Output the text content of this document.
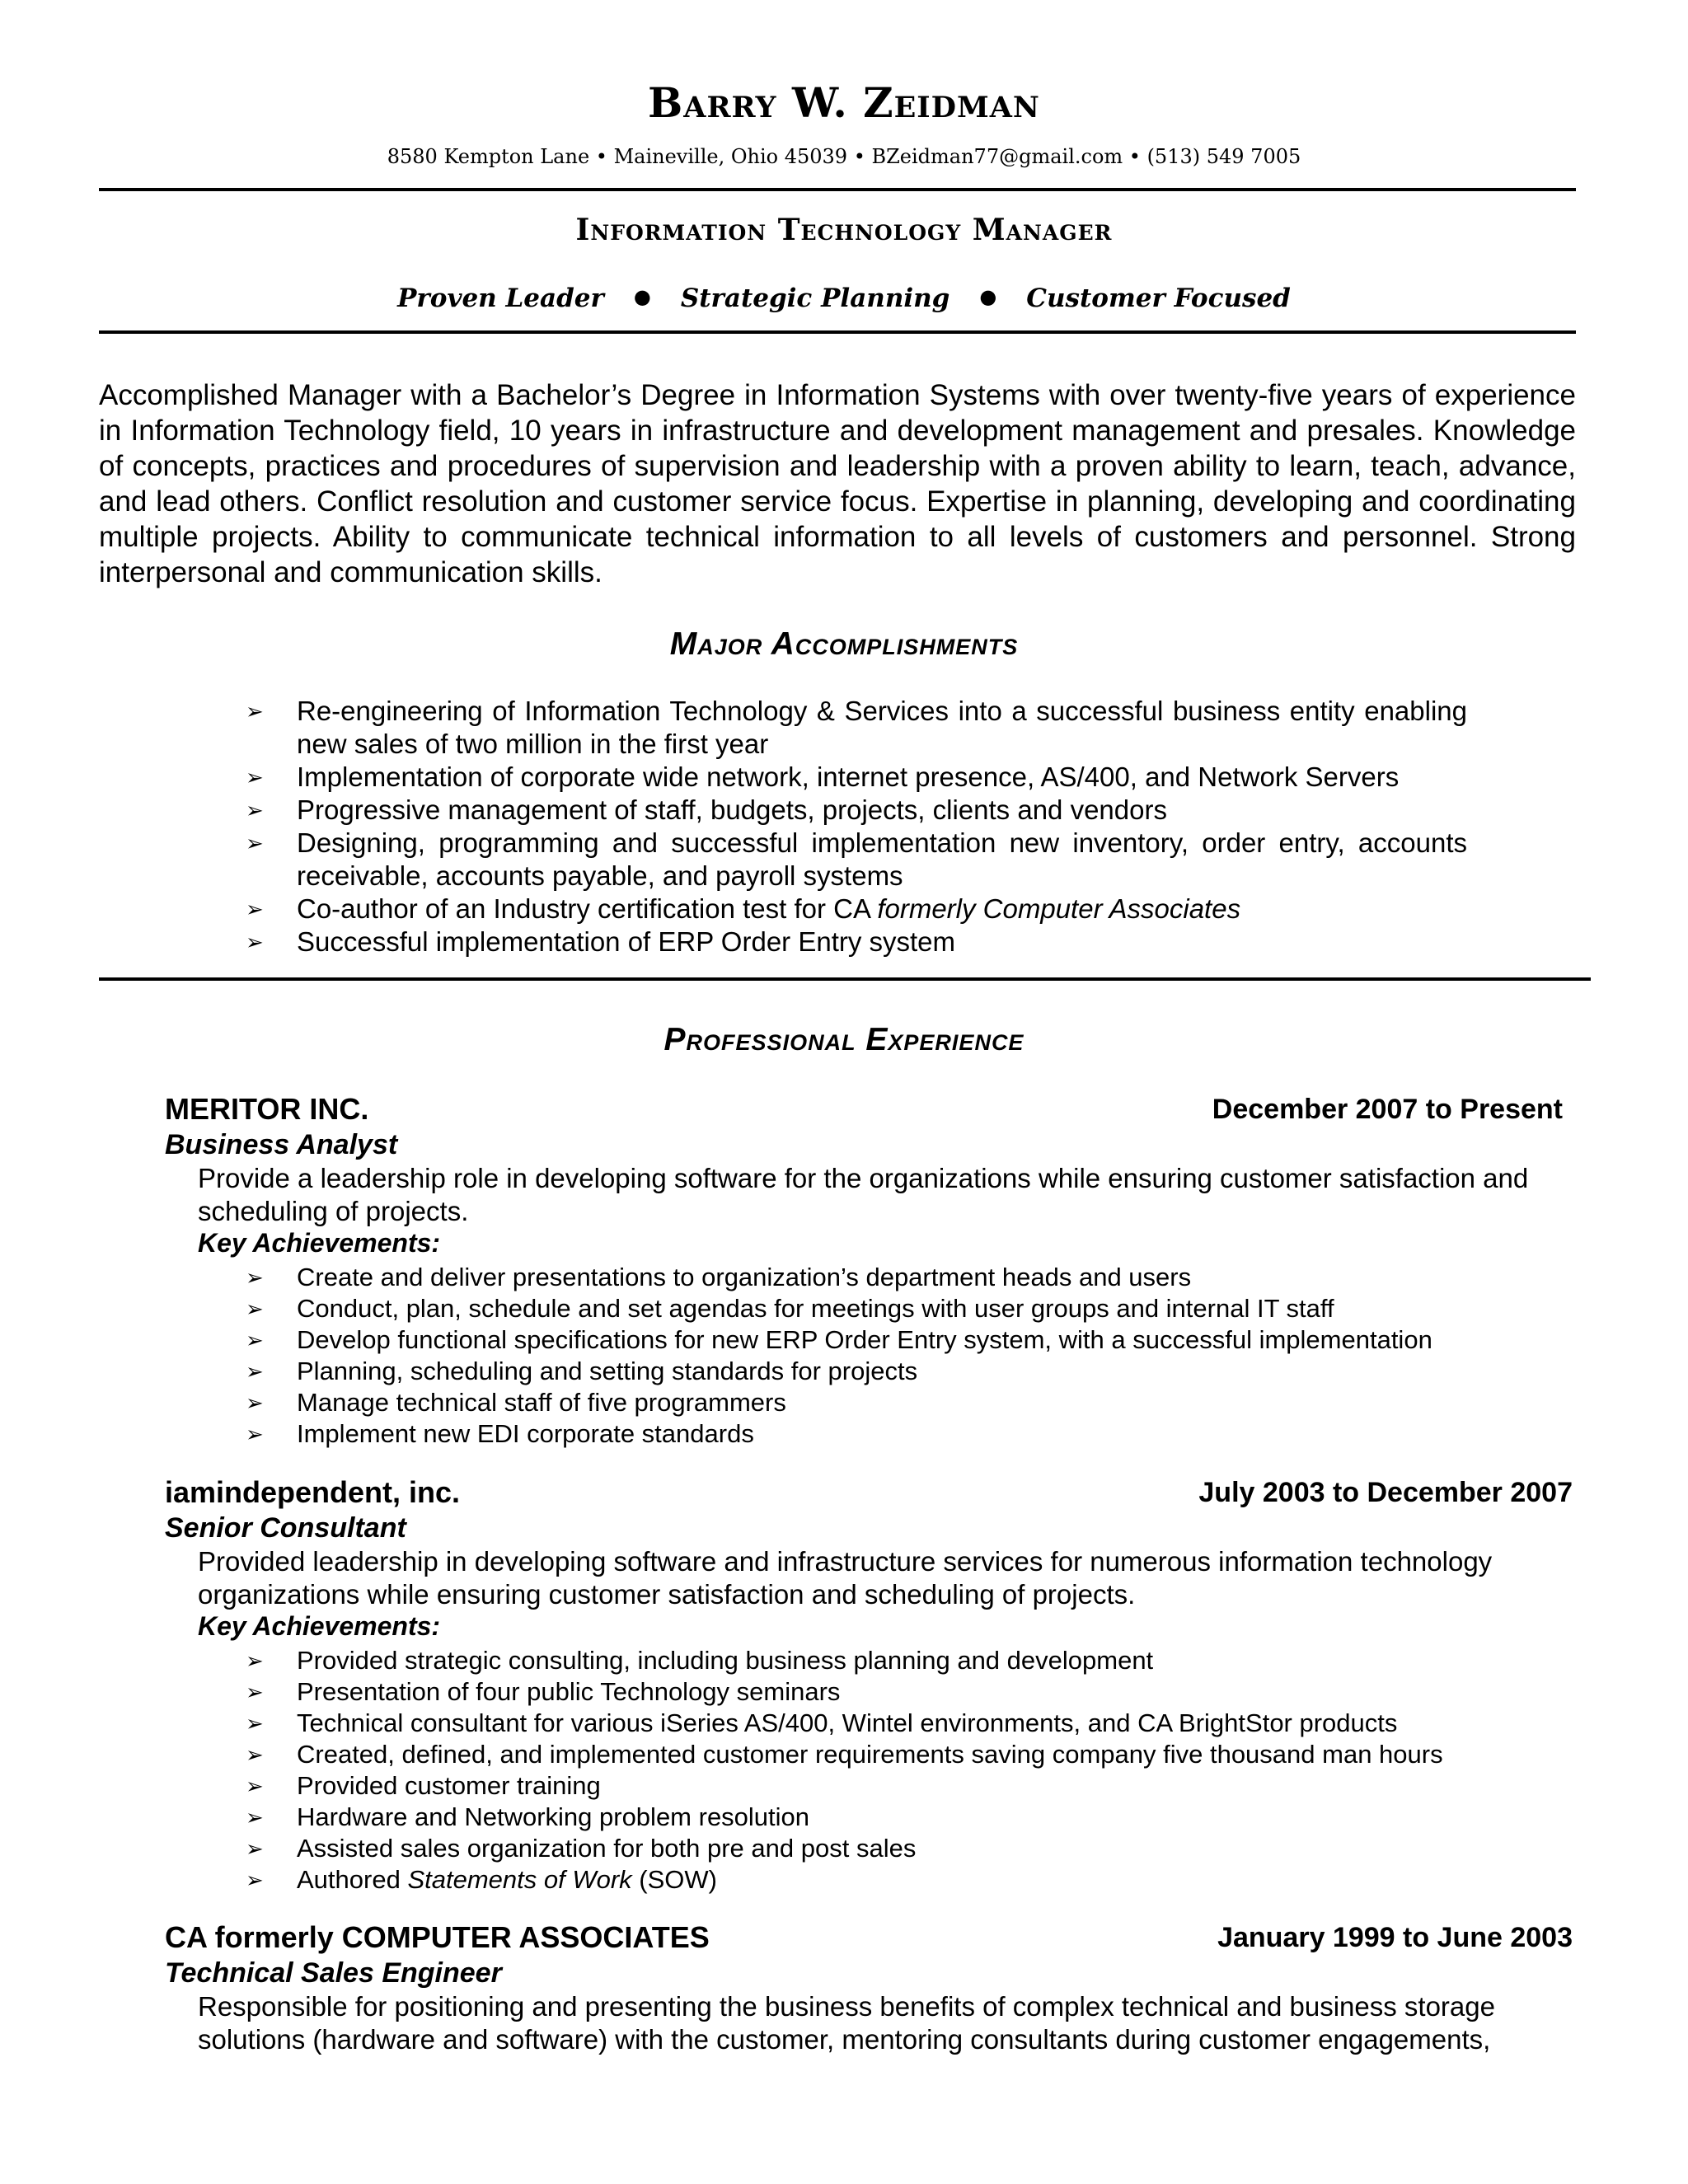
Barry W. Zeidman
8580 Kempton Lane • Maineville, Ohio 45039 • BZeidman77@gmail.com • (513) 549 7005
Information Technology Manager
Proven Leader ● Strategic Planning ● Customer Focused
Accomplished Manager with a Bachelor’s Degree in Information Systems with over twenty-five years of experience in Information Technology field, 10 years in infrastructure and development management and presales. Knowledge of concepts, practices and procedures of supervision and leadership with a proven ability to learn, teach, advance, and lead others. Conflict resolution and customer service focus. Expertise in planning, developing and coordinating multiple projects. Ability to communicate technical information to all levels of customers and personnel. Strong interpersonal and communication skills.
Major Accomplishments
➢ Re-engineering of Information Technology & Services into a successful business entity enabling new sales of two million in the first year
➢ Implementation of corporate wide network, internet presence, AS/400, and Network Servers
➢ Progressive management of staff, budgets, projects, clients and vendors
➢ Designing, programming and successful implementation new inventory, order entry, accounts receivable, accounts payable, and payroll systems
➢ Co-author of an Industry certification test for CA formerly Computer Associates
➢ Successful implementation of ERP Order Entry system
Professional Experience
MERITOR INC.	December 2007 to Present
Business Analyst
Provide a leadership role in developing software for the organizations while ensuring customer satisfaction and scheduling of projects.
Key Achievements:
➢ Create and deliver presentations to organization’s department heads and users
➢ Conduct, plan, schedule and set agendas for meetings with user groups and internal IT staff
➢ Develop functional specifications for new ERP Order Entry system, with a successful implementation
➢ Planning, scheduling and setting standards for projects
➢ Manage technical staff of five programmers
➢ Implement new EDI corporate standards
iamindependent, inc.	July 2003 to December 2007
Senior Consultant
Provided leadership in developing software and infrastructure services for numerous information technology organizations while ensuring customer satisfaction and scheduling of projects.
Key Achievements:
➢ Provided strategic consulting, including business planning and development
➢ Presentation of four public Technology seminars
➢ Technical consultant for various iSeries AS/400, Wintel environments, and CA BrightStor products
➢ Created, defined, and implemented customer requirements saving company five thousand man hours
➢ Provided customer training
➢ Hardware and Networking problem resolution
➢ Assisted sales organization for both pre and post sales
➢ Authored Statements of Work (SOW)
CA formerly COMPUTER ASSOCIATES	January 1999 to June 2003
Technical Sales Engineer
Responsible for positioning and presenting the business benefits of complex technical and business storage solutions (hardware and software) with the customer, mentoring consultants during customer engagements,
